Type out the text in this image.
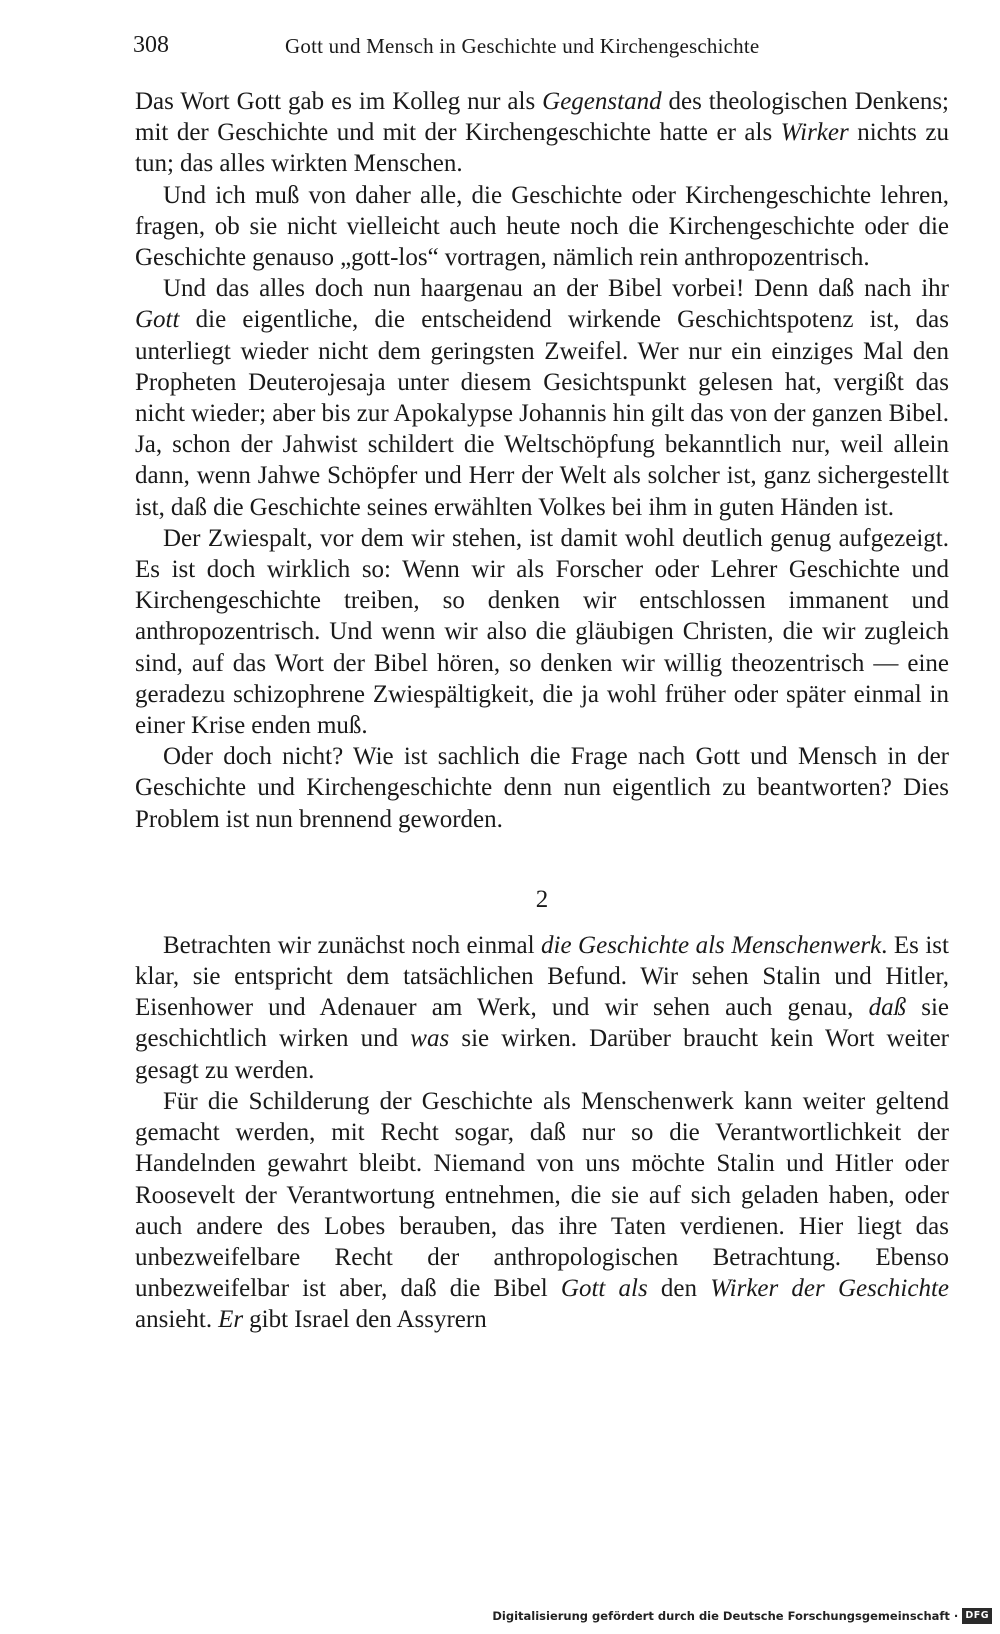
308	Gott und Mensch in Geschichte und Kirchengeschichte

Das Wort Gott gab es im Kolleg nur als Gegenstand des theologischen Denkens; mit der Geschichte und mit der Kirchengeschichte hatte er als Wirker nichts zu tun; das alles wirkten Menschen.

Und ich muß von daher alle, die Geschichte oder Kirchengeschichte lehren, fragen, ob sie nicht vielleicht auch heute noch die Kirchengeschichte oder die Geschichte genauso „gott-los“ vortragen, nämlich rein anthropozentrisch.

Und das alles doch nun haargenau an der Bibel vorbei! Denn daß nach ihr Gott die eigentliche, die entscheidend wirkende Geschichtspotenz ist, das unterliegt wieder nicht dem geringsten Zweifel. Wer nur ein einziges Mal den Propheten Deuterojesaja unter diesem Gesichtspunkt gelesen hat, vergißt das nicht wieder; aber bis zur Apokalypse Johannis hin gilt das von der ganzen Bibel. Ja, schon der Jahwist schildert die Weltschöpfung bekanntlich nur, weil allein dann, wenn Jahwe Schöpfer und Herr der Welt als solcher ist, ganz sichergestellt ist, daß die Geschichte seines erwählten Volkes bei ihm in guten Händen ist.

Der Zwiespalt, vor dem wir stehen, ist damit wohl deutlich genug aufgezeigt. Es ist doch wirklich so: Wenn wir als Forscher oder Lehrer Geschichte und Kirchengeschichte treiben, so denken wir entschlossen immanent und anthropozentrisch. Und wenn wir also die gläubigen Christen, die wir zugleich sind, auf das Wort der Bibel hören, so denken wir willig theozentrisch — eine geradezu schizophrene Zwiespältigkeit, die ja wohl früher oder später einmal in einer Krise enden muß.

Oder doch nicht? Wie ist sachlich die Frage nach Gott und Mensch in der Geschichte und Kirchengeschichte denn nun eigentlich zu beantworten? Dies Problem ist nun brennend geworden.

2

Betrachten wir zunächst noch einmal die Geschichte als Menschenwerk. Es ist klar, sie entspricht dem tatsächlichen Befund. Wir sehen Stalin und Hitler, Eisenhower und Adenauer am Werk, und wir sehen auch genau, daß sie geschichtlich wirken und was sie wirken. Darüber braucht kein Wort weiter gesagt zu werden.

Für die Schilderung der Geschichte als Menschenwerk kann weiter geltend gemacht werden, mit Recht sogar, daß nur so die Verantwortlichkeit der Handelnden gewahrt bleibt. Niemand von uns möchte Stalin und Hitler oder Roosevelt der Verantwortung entnehmen, die sie auf sich geladen haben, oder auch andere des Lobes berauben, das ihre Taten verdienen. Hier liegt das unbezweifelbare Recht der anthropologischen Betrachtung. Ebenso unbezweifelbar ist aber, daß die Bibel Gott als den Wirker der Geschichte ansieht. Er gibt Israel den Assyrern

Digitalisierung gefördert durch die Deutsche Forschungsgemeinschaft · DFG
